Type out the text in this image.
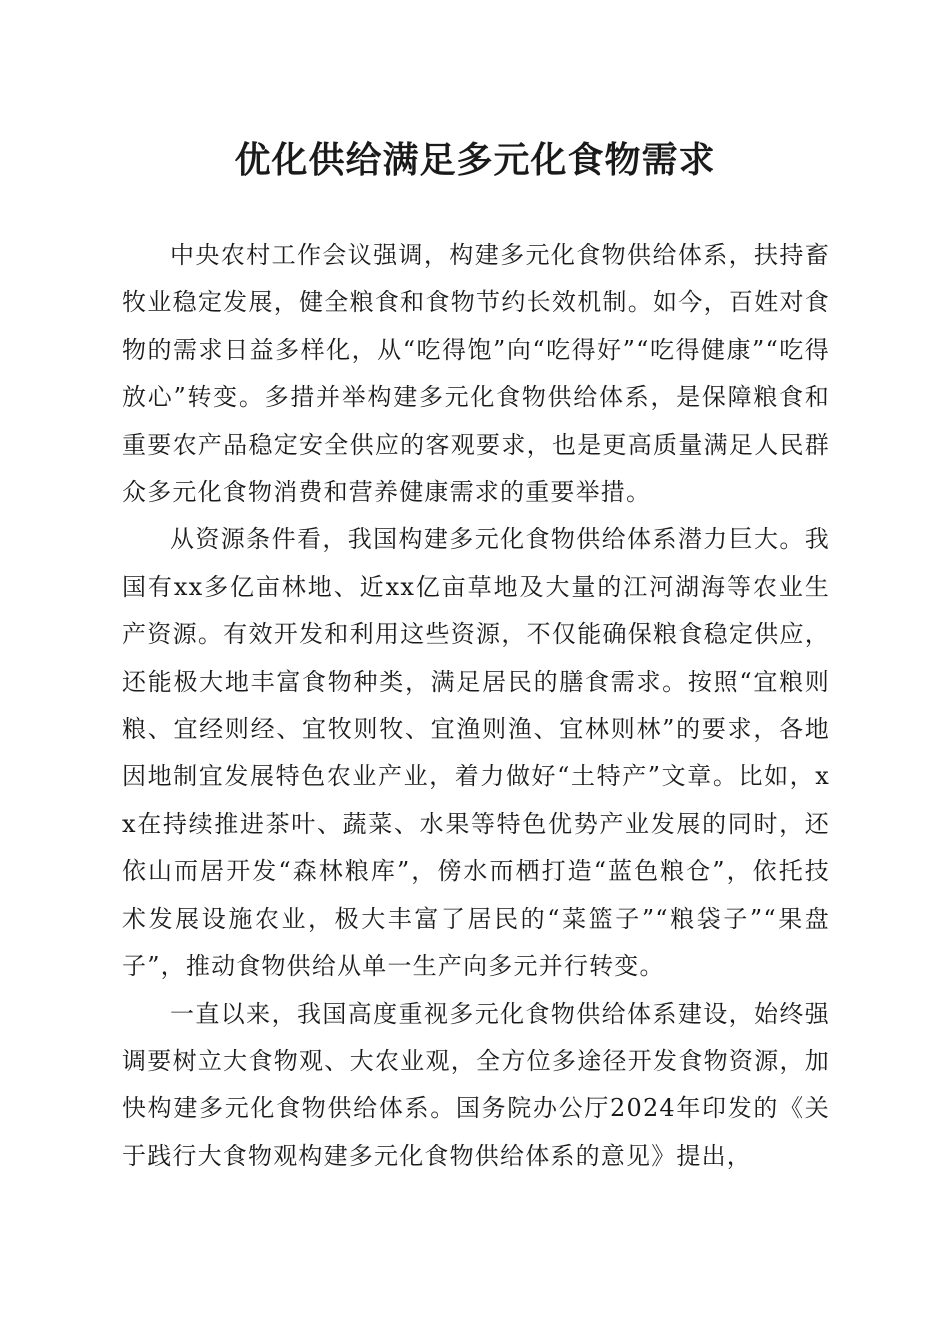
优化供给满足多元化食物需求

中央农村工作会议强调，构建多元化食物供给体系，扶持畜牧业稳定发展，健全粮食和食物节约长效机制。如今，百姓对食物的需求日益多样化，从“吃得饱”向“吃得好”“吃得健康”“吃得放心”转变。多措并举构建多元化食物供给体系，是保障粮食和重要农产品稳定安全供应的客观要求，也是更高质量满足人民群众多元化食物消费和营养健康需求的重要举措。

从资源条件看，我国构建多元化食物供给体系潜力巨大。我国有xx多亿亩林地、近xx亿亩草地及大量的江河湖海等农业生产资源。有效开发和利用这些资源，不仅能确保粮食稳定供应，还能极大地丰富食物种类，满足居民的膳食需求。按照“宜粮则粮、宜经则经、宜牧则牧、宜渔则渔、宜林则林”的要求，各地因地制宜发展特色农业产业，着力做好“土特产”文章。比如，xx在持续推进茶叶、蔬菜、水果等特色优势产业发展的同时，还依山而居开发“森林粮库”，傍水而栖打造“蓝色粮仓”，依托技术发展设施农业，极大丰富了居民的“菜篮子”“粮袋子”“果盘子”，推动食物供给从单一生产向多元并行转变。

一直以来，我国高度重视多元化食物供给体系建设，始终强调要树立大食物观、大农业观，全方位多途径开发食物资源，加快构建多元化食物供给体系。国务院办公厅2024年印发的《关于践行大食物观构建多元化食物供给体系的意见》提出，
